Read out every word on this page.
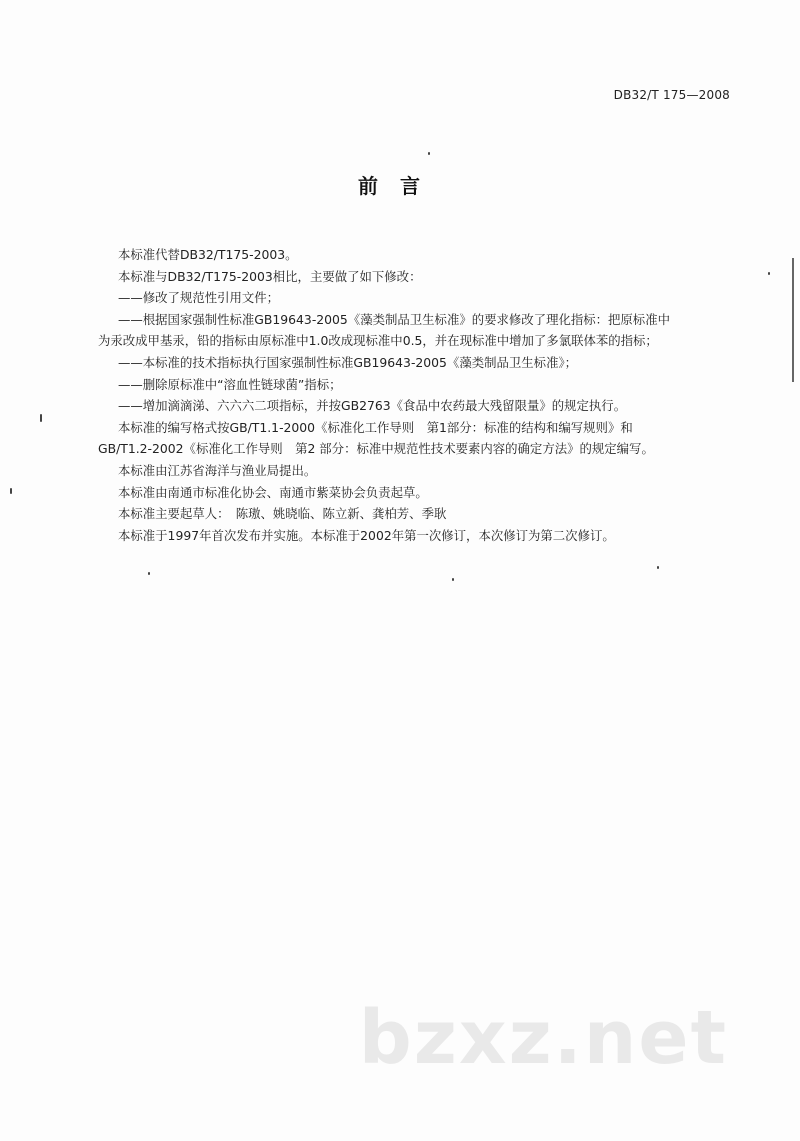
DB32/T 175—2008
前言

本标准代替DB32/T175-2003。

本标准与DB32/T175-2003相比，主要做了如下修改：

——修改了规范性引用文件；

——根据国家强制性标准GB19643-2005《藻类制品卫生标准》的要求修改了理化指标：把原标准中

为汞改成甲基汞，铅的指标由原标准中1.0改成现标准中0.5，并在现标准中增加了多氯联体苯的指标；

——本标准的技术指标执行国家强制性标准GB19643-2005《藻类制品卫生标准》；

——删除原标准中“溶血性链球菌”指标；

——增加滴滴涕、六六六二项指标，并按GB2763《食品中农药最大残留限量》的规定执行。

本标准的编写格式按GB/T1.1-2000《标准化工作导则　第1部分：标准的结构和编写规则》和

GB/T1.2-2002《标准化工作导则　第2 部分：标准中规范性技术要素内容的确定方法》的规定编写。

本标准由江苏省海洋与渔业局提出。

本标准由南通市标准化协会、南通市紫菜协会负责起草。

本标准主要起草人：　陈璈、姚晓临、陈立新、龚柏芳、季耿

本标准于1997年首次发布并实施。本标准于2002年第一次修订，本次修订为第二次修订。

bzxz.net
